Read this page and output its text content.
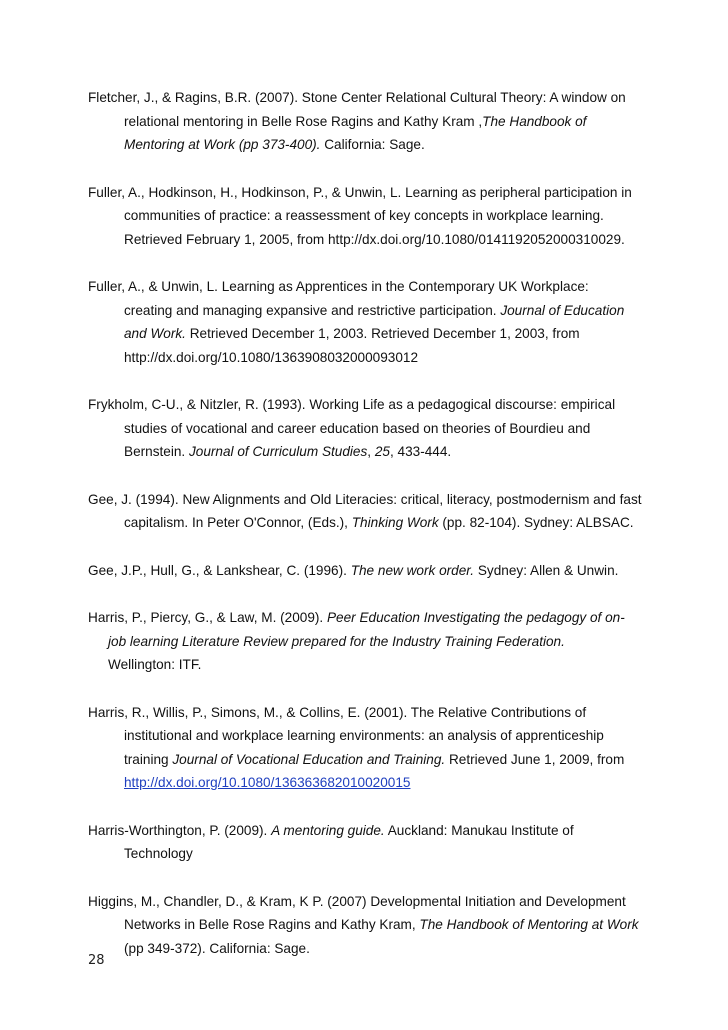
Fletcher, J., & Ragins, B.R. (2007). Stone Center Relational Cultural Theory: A window on
relational mentoring in Belle Rose Ragins and Kathy Kram ,The Handbook of
Mentoring at Work (pp 373-400). California: Sage.

Fuller, A., Hodkinson, H., Hodkinson, P., & Unwin, L. Learning as peripheral participation in
communities of practice: a reassessment of key concepts in workplace learning.
Retrieved February 1, 2005, from http://dx.doi.org/10.1080/0141192052000310029.

Fuller, A., & Unwin, L. Learning as Apprentices in the Contemporary UK Workplace:
creating and managing expansive and restrictive participation. Journal of Education
and Work. Retrieved December 1, 2003. Retrieved December 1, 2003, from
http://dx.doi.org/10.1080/1363908032000093012

Frykholm, C-U., & Nitzler, R. (1993). Working Life as a pedagogical discourse: empirical
studies of vocational and career education based on theories of Bourdieu and
Bernstein. Journal of Curriculum Studies, 25, 433-444.

Gee, J. (1994). New Alignments and Old Literacies: critical, literacy, postmodernism and fast
capitalism. In Peter O'Connor, (Eds.), Thinking Work (pp. 82-104). Sydney: ALBSAC.

Gee, J.P., Hull, G., & Lankshear, C. (1996). The new work order. Sydney: Allen & Unwin.

Harris, P., Piercy, G., & Law, M. (2009). Peer Education Investigating the pedagogy of on-
job learning Literature Review prepared for the Industry Training Federation.
Wellington: ITF.

Harris, R., Willis, P., Simons, M., & Collins, E. (2001). The Relative Contributions of
institutional and workplace learning environments: an analysis of apprenticeship
training Journal of Vocational Education and Training. Retrieved June 1, 2009, from
http://dx.doi.org/10.1080/136363682010020015

Harris-Worthington, P. (2009). A mentoring guide. Auckland: Manukau Institute of
Technology

Higgins, M., Chandler, D., & Kram, K P. (2007) Developmental Initiation and Development
Networks in Belle Rose Ragins and Kathy Kram, The Handbook of Mentoring at Work
(pp 349-372). California: Sage.

28
